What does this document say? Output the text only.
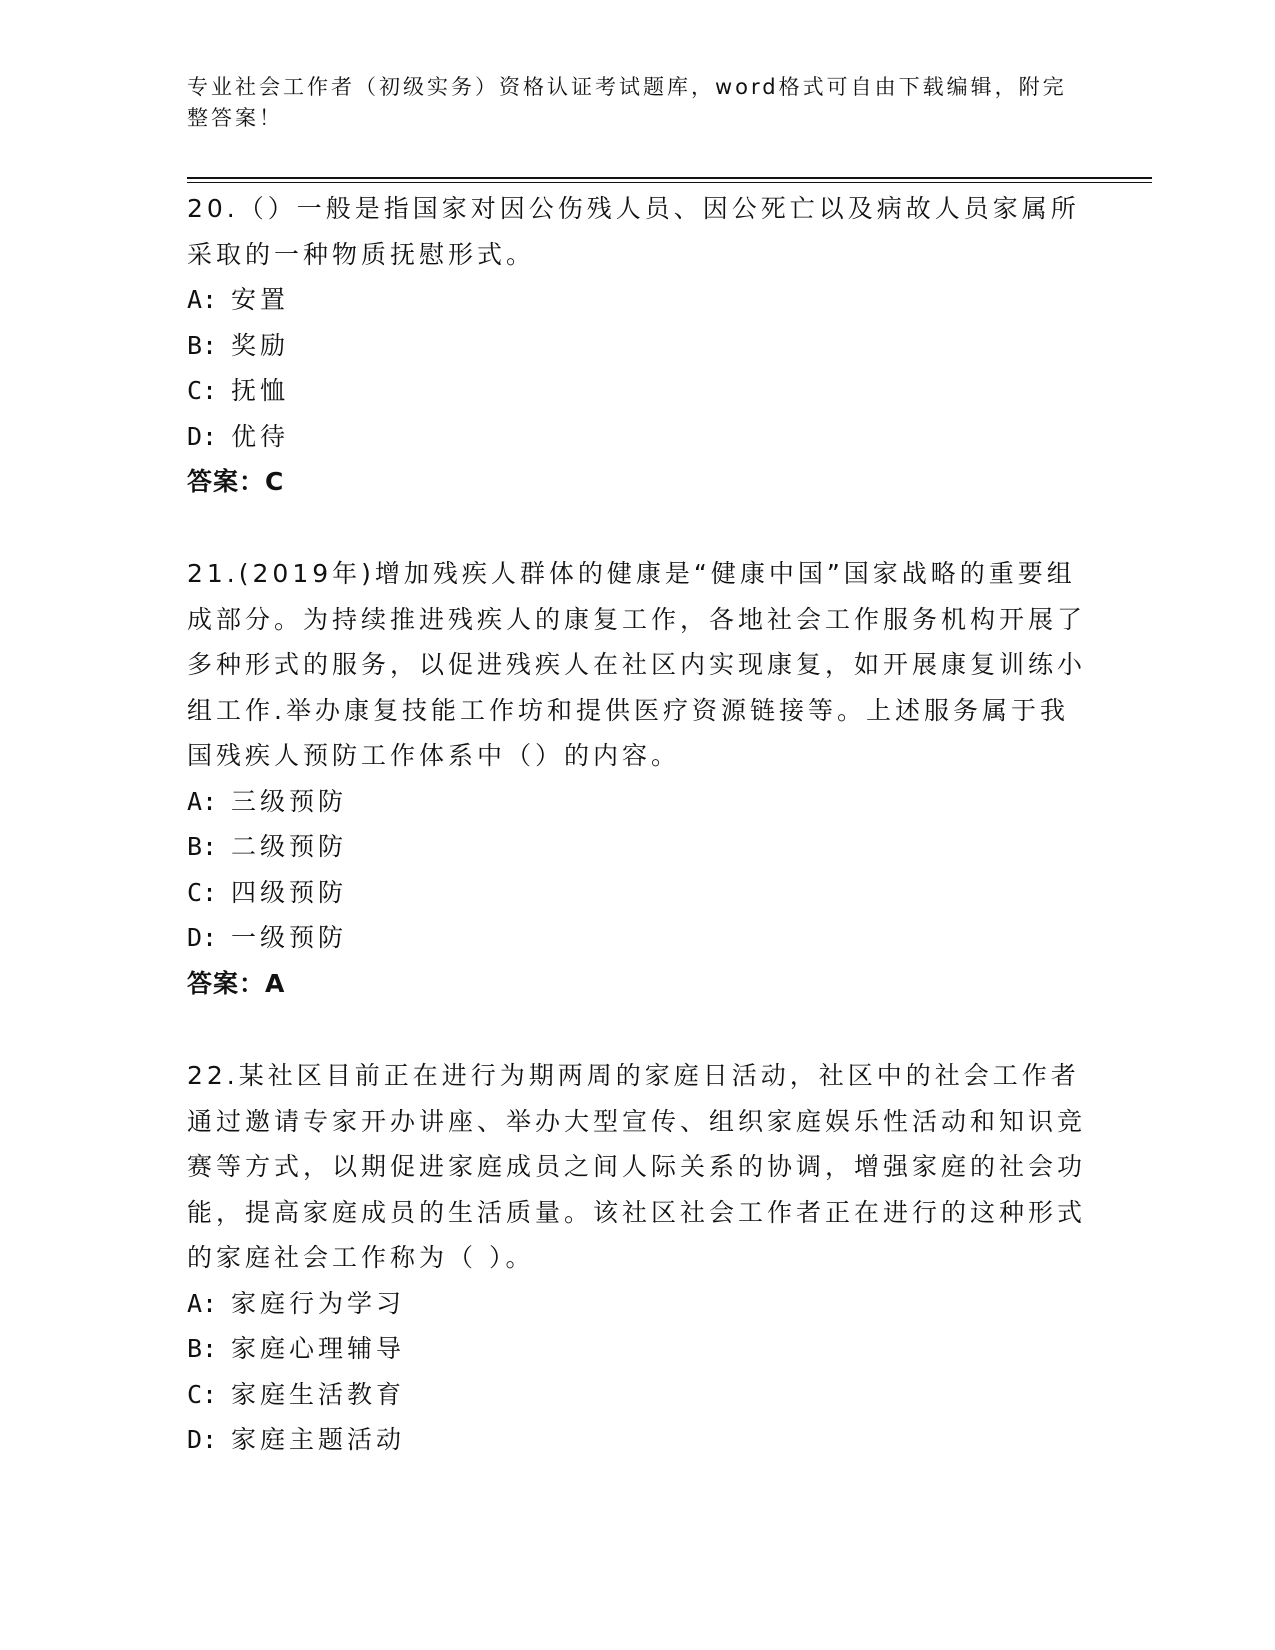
专业社会工作者（初级实务）资格认证考试题库，word格式可自由下载编辑，附完整答案！

20.（）一般是指国家对因公伤残人员、因公死亡以及病故人员家属所采取的一种物质抚慰形式。

A: 安置
B: 奖励
C: 抚恤
D: 优待

答案：C

21.(2019年)增加残疾人群体的健康是“健康中国”国家战略的重要组成部分。为持续推进残疾人的康复工作，各地社会工作服务机构开展了多种形式的服务，以促进残疾人在社区内实现康复，如开展康复训练小组工作.举办康复技能工作坊和提供医疗资源链接等。上述服务属于我国残疾人预防工作体系中（）的内容。

A: 三级预防
B: 二级预防
C: 四级预防
D: 一级预防

答案：A

22.某社区目前正在进行为期两周的家庭日活动，社区中的社会工作者通过邀请专家开办讲座、举办大型宣传、组织家庭娱乐性活动和知识竞赛等方式，以期促进家庭成员之间人际关系的协调，增强家庭的社会功能，提高家庭成员的生活质量。该社区社会工作者正在进行的这种形式的家庭社会工作称为（ ）。

A: 家庭行为学习
B: 家庭心理辅导
C: 家庭生活教育
D: 家庭主题活动
